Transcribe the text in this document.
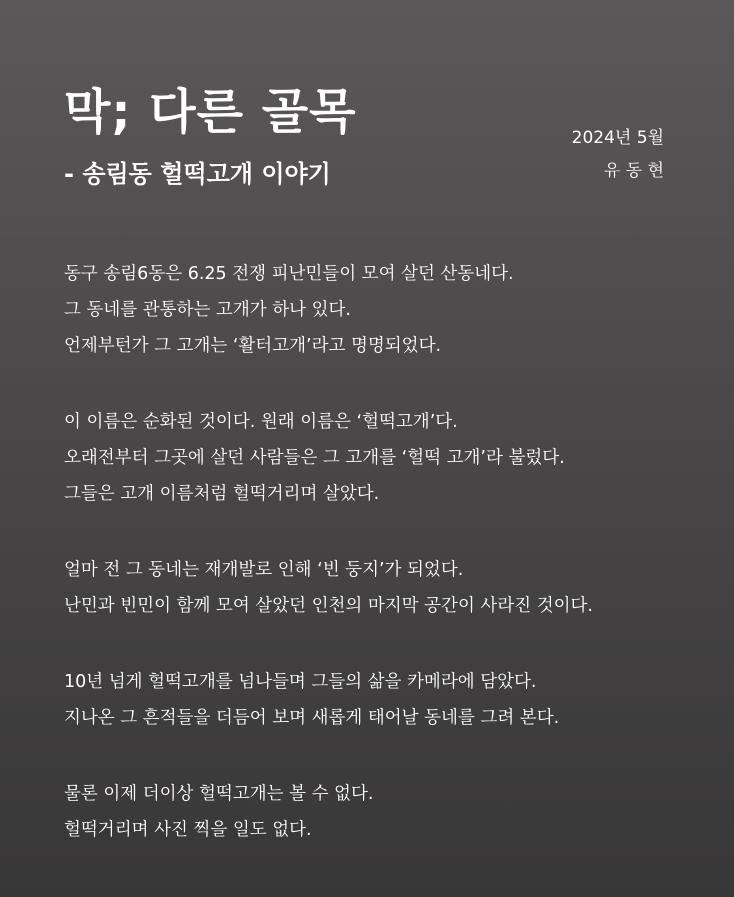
막; 다른 골목
- 송림동 헐떡고개 이야기
2024년 5월
유 동 현
동구 송림6동은 6.25 전쟁 피난민들이 모여 살던 산동네다.
그 동네를 관통하는 고개가 하나 있다.
언제부턴가 그 고개는 ‘활터고개’라고 명명되었다.
이 이름은 순화된 것이다. 원래 이름은 ‘헐떡고개’다.
오래전부터 그곳에 살던 사람들은 그 고개를 ‘헐떡 고개’라 불렀다.
그들은 고개 이름처럼 헐떡거리며 살았다.
얼마 전 그 동네는 재개발로 인해 ‘빈 둥지’가 되었다.
난민과 빈민이 함께 모여 살았던 인천의 마지막 공간이 사라진 것이다.
10년 넘게 헐떡고개를 넘나들며 그들의 삶을 카메라에 담았다.
지나온 그 흔적들을 더듬어 보며 새롭게 태어날 동네를 그려 본다.
물론 이제 더이상 헐떡고개는 볼 수 없다.
헐떡거리며 사진 찍을 일도 없다.
